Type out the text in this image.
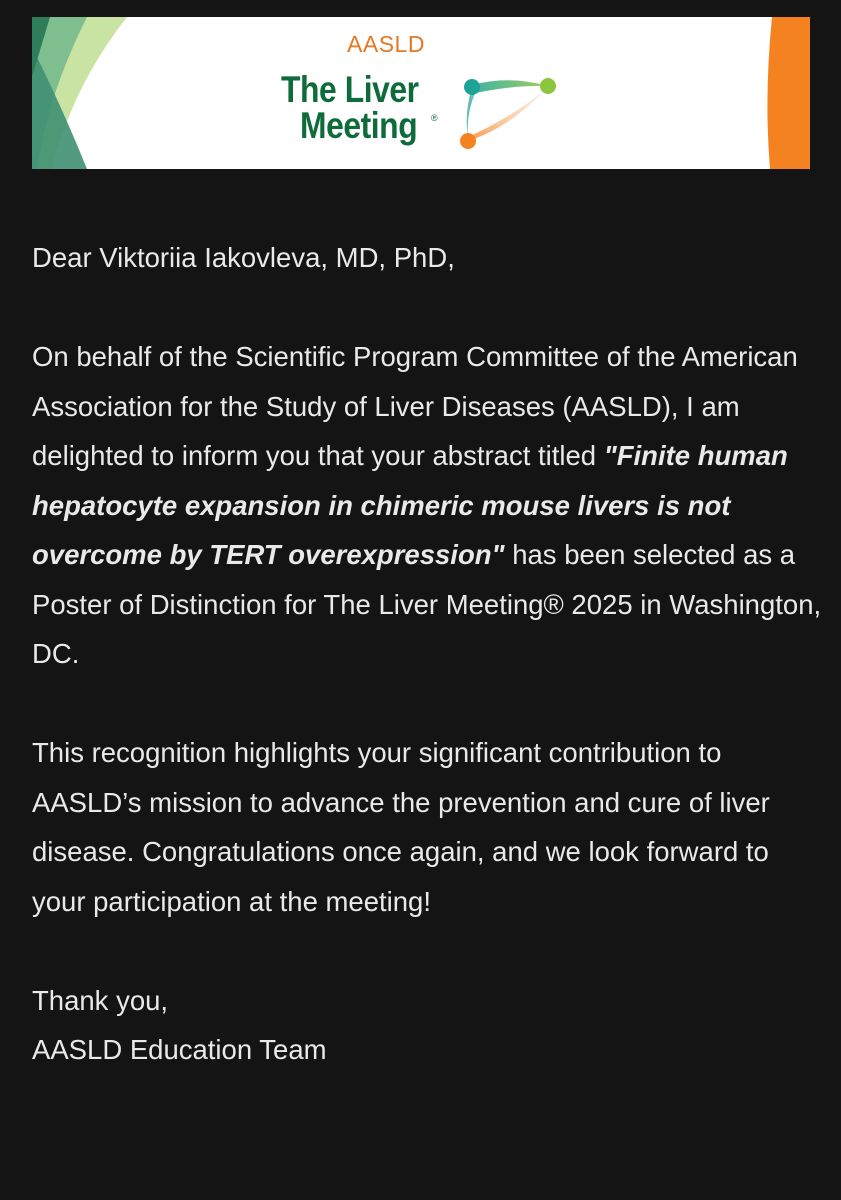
AASLD
The Liver
Meeting ®

Dear Viktoriia Iakovleva, MD, PhD,

On behalf of the Scientific Program Committee of the American Association for the Study of Liver Diseases (AASLD), I am delighted to inform you that your abstract titled "Finite human hepatocyte expansion in chimeric mouse livers is not overcome by TERT overexpression" has been selected as a Poster of Distinction for The Liver Meeting® 2025 in Washington, DC.

This recognition highlights your significant contribution to AASLD’s mission to advance the prevention and cure of liver disease. Congratulations once again, and we look forward to your participation at the meeting!

Thank you,
AASLD Education Team
